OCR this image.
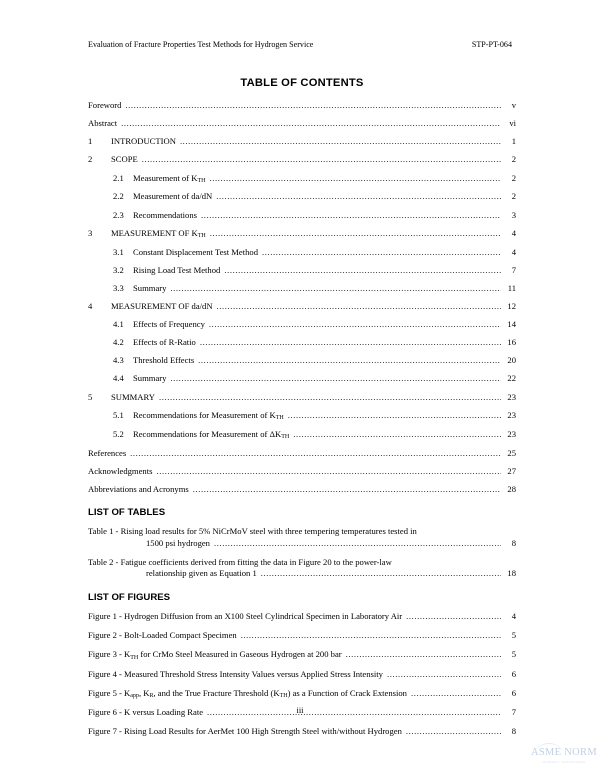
Evaluation of Fracture Properties Test Methods for Hydrogen Service	STP-PT-064
TABLE OF CONTENTS
Foreword .....	v
Abstract .....	vi
1	INTRODUCTION .....	1
2	SCOPE .....	2
2.1	Measurement of $K_{TH}$ .....	2
2.2	Measurement of da/dN .....	2
2.3	Recommendations .....	3
3	MEASUREMENT OF $K_{TH}$ .....	4
3.1	Constant Displacement Test Method .....	4
3.2	Rising Load Test Method .....	7
3.3	Summary .....	11
4	MEASUREMENT OF da/dN .....	12
4.1	Effects of Frequency .....	14
4.2	Effects of R-Ratio .....	16
4.3	Threshold Effects .....	20
4.4	Summary .....	22
5	SUMMARY .....	23
5.1	Recommendations for Measurement of $K_{TH}$ .....	23
5.2	Recommendations for Measurement of $\Delta K_{TH}$ .....	23
References .....	25
Acknowledgments .....	27
Abbreviations and Acronyms .....	28
LIST OF TABLES
Table 1 - Rising load results for 5% NiCrMoV steel with three tempering temperatures tested in
1500 psi hydrogen .....	8
Table 2 - Fatigue coefficients derived from fitting the data in Figure 20 to the power-law
relationship given as Equation 1 .....	18
LIST OF FIGURES
Figure 1 - Hydrogen Diffusion from an X100 Steel Cylindrical Specimen in Laboratory Air .....	4
Figure 2 - Bolt-Loaded Compact Specimen .....	5
Figure $3 - K_{TH}$ for CrMo Steel Measured in Gaseous Hydrogen at 200 bar .....	5
Figure 4 - Measured Threshold Stress Intensity Values versus Applied Stress Intensity .....	6
Figure $5 - K_{app}$, $K_R$, and the True Fracture Threshold $(K_{TH})$ as a Function of Crack Extension .....	6
Figure 6 - K versus Loading Rate .....	7
Figure 7 - Rising Load Results for AerMet 100 High Strength Steel with/without Hydrogen .....	8
iii
ASME NORM
NORMAS Y ESTANDARES
